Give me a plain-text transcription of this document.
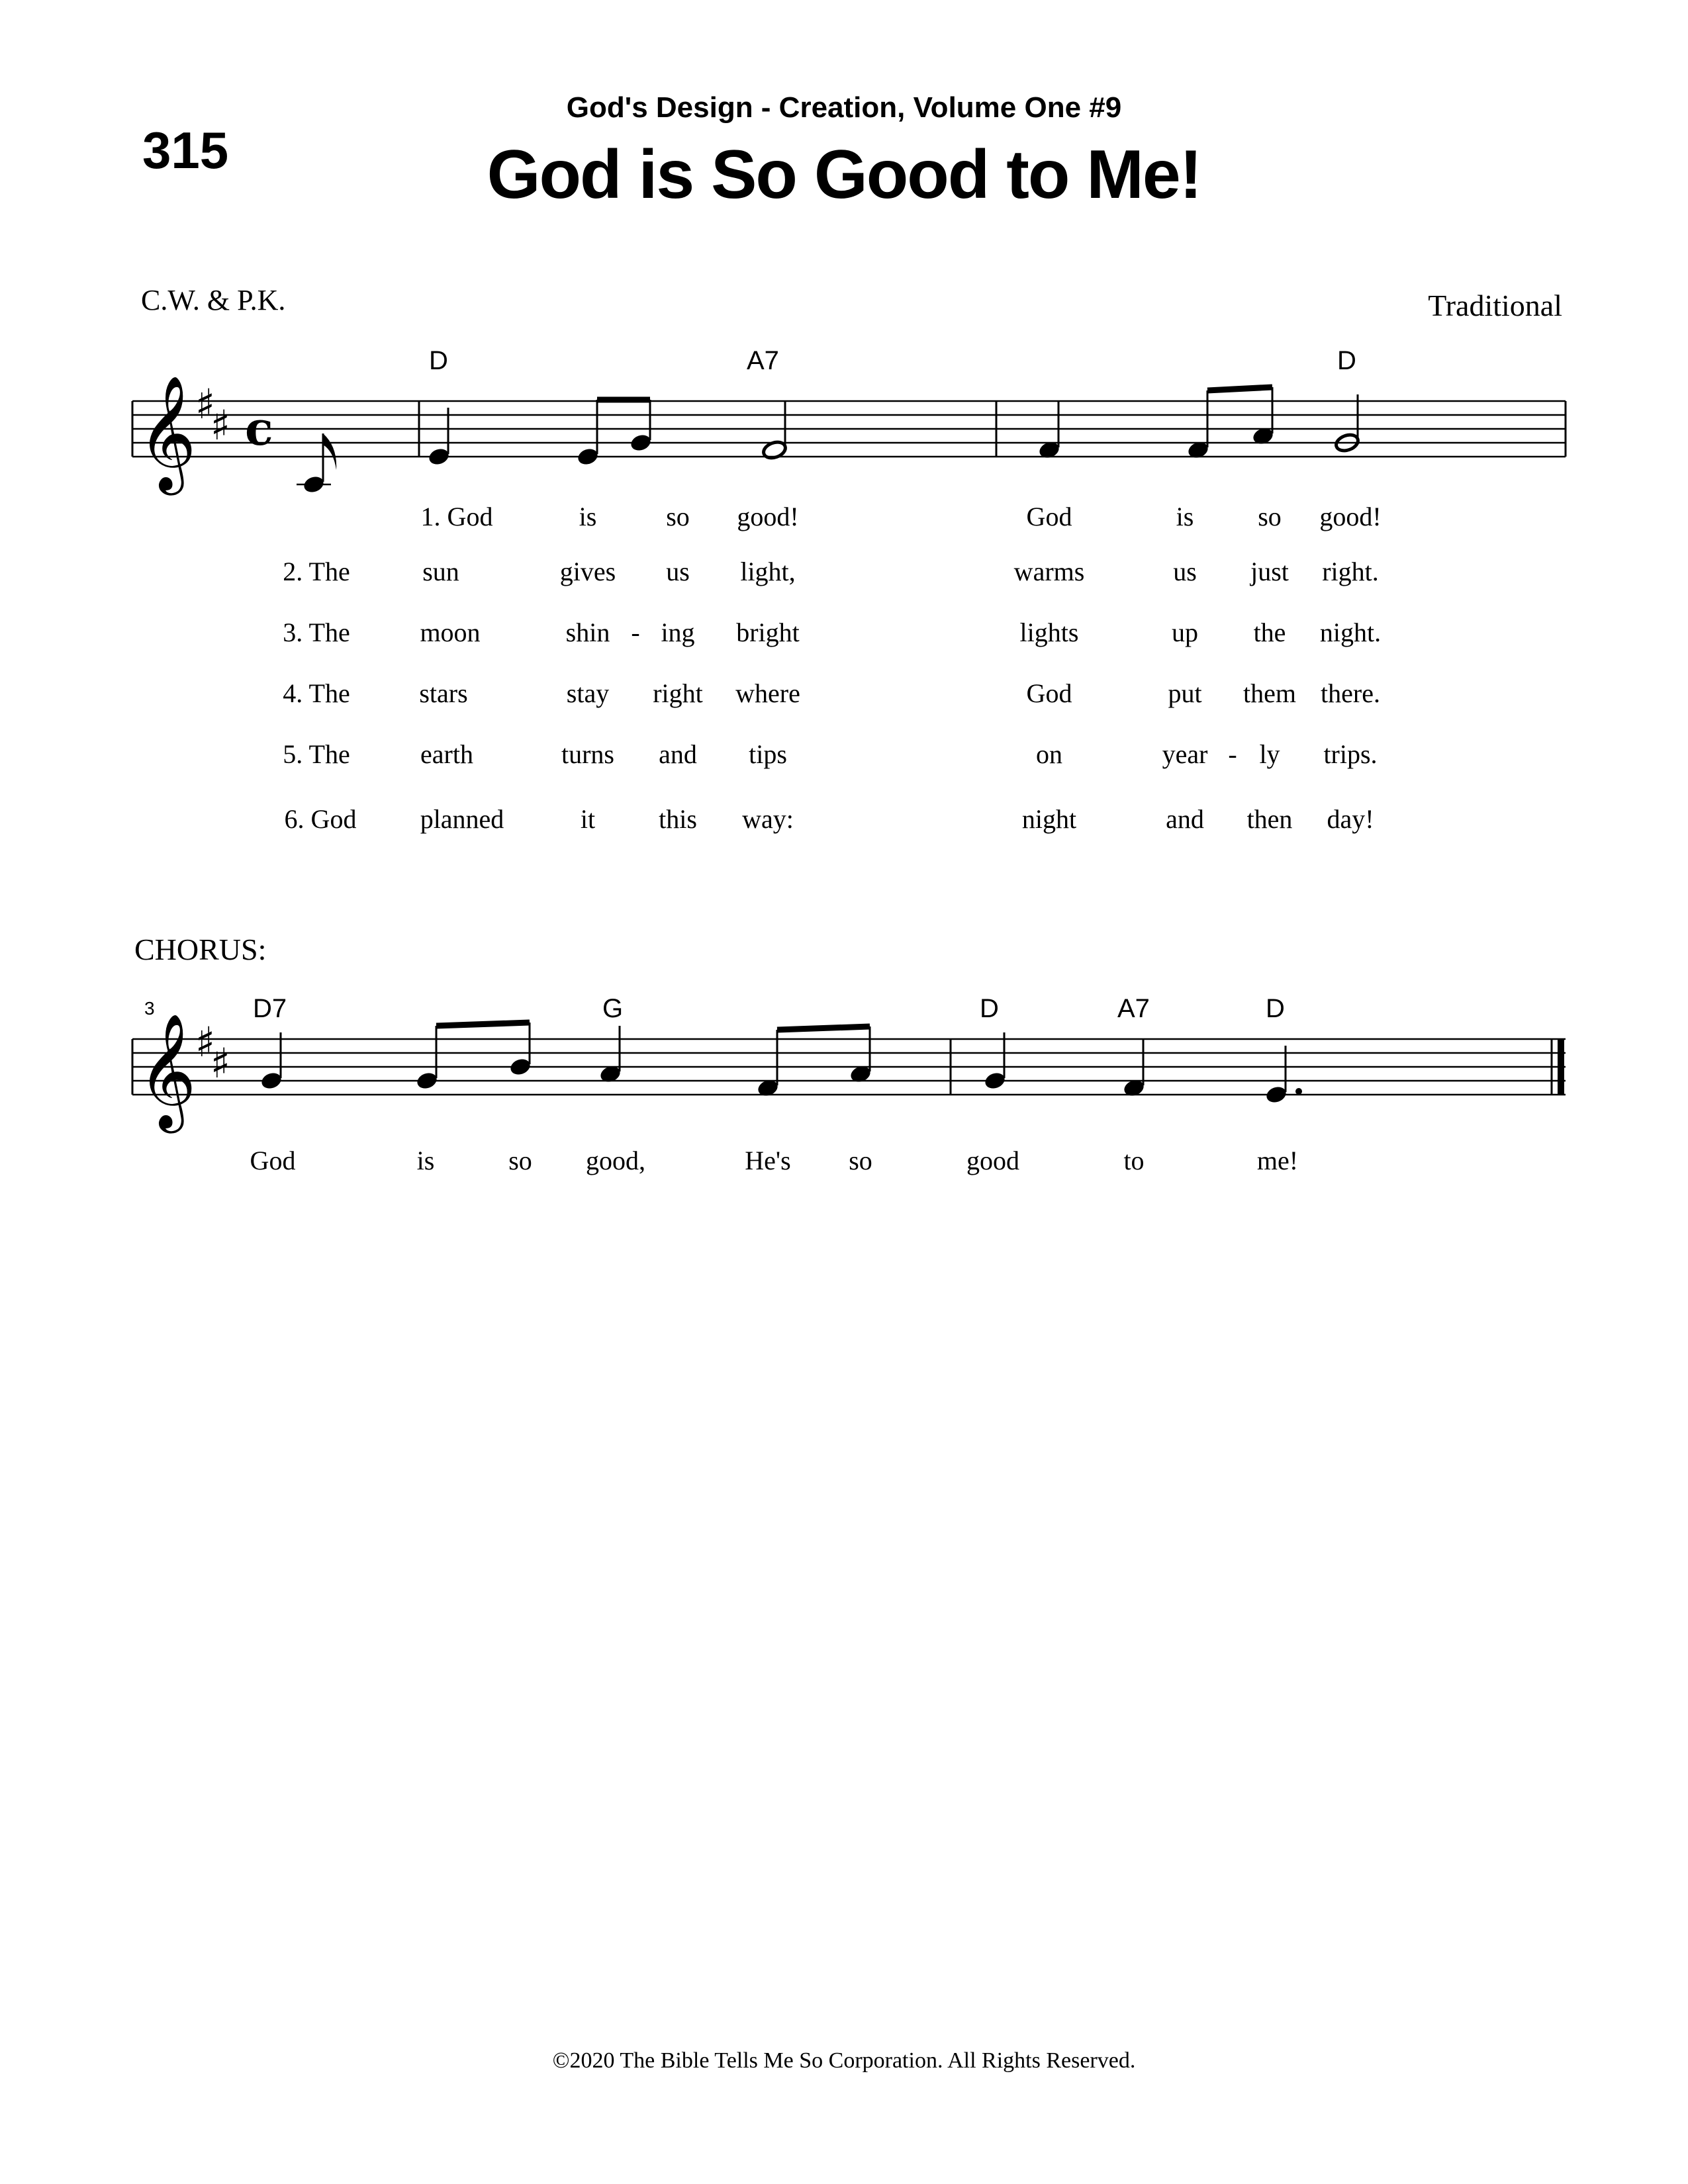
315
God's Design - Creation, Volume One #9
God is So Good to Me!
C.W. & P.K.	Traditional
D	A7	D
𝄞
♯
♯ c
𝄞
♯
♯
1. God	is	so good!	God	is so good!
2. The	sun	gives us light,	warms	us just right.
3. The	moon	shin - ing bright	lights	up the night.
4. The	stars	stay right where	God	put them there.
5. The	earth	turns and tips	on	year - ly trips.
6. God planned	it this way:	night	and then day!
CHORUS:
3	D7	G	D	A7	D
God	is	so good,	He's so	good	to	me!
©2020 The Bible Tells Me So Corporation. All Rights Reserved.
